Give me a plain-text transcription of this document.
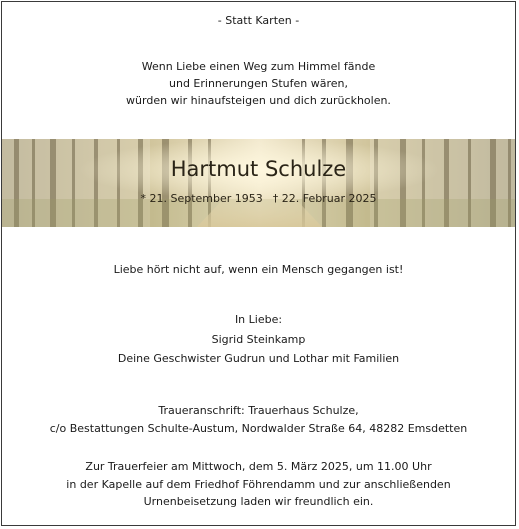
- Statt Karten -
Wenn Liebe einen Weg zum Himmel fände
und Erinnerungen Stufen wären,
würden wir hinaufsteigen und dich zurückholen.
Hartmut Schulze
* 21. September 1953 † 22. Februar 2025
Liebe hört nicht auf, wenn ein Mensch gegangen ist!
In Liebe:
Sigrid Steinkamp
Deine Geschwister Gudrun und Lothar mit Familien
Traueranschrift: Trauerhaus Schulze,
c/o Bestattungen Schulte-Austum, Nordwalder Straße 64, 48282 Emsdetten
Zur Trauerfeier am Mittwoch, dem 5. März 2025, um 11.00 Uhr
in der Kapelle auf dem Friedhof Föhrendamm und zur anschließenden
Urnenbeisetzung laden wir freundlich ein.
